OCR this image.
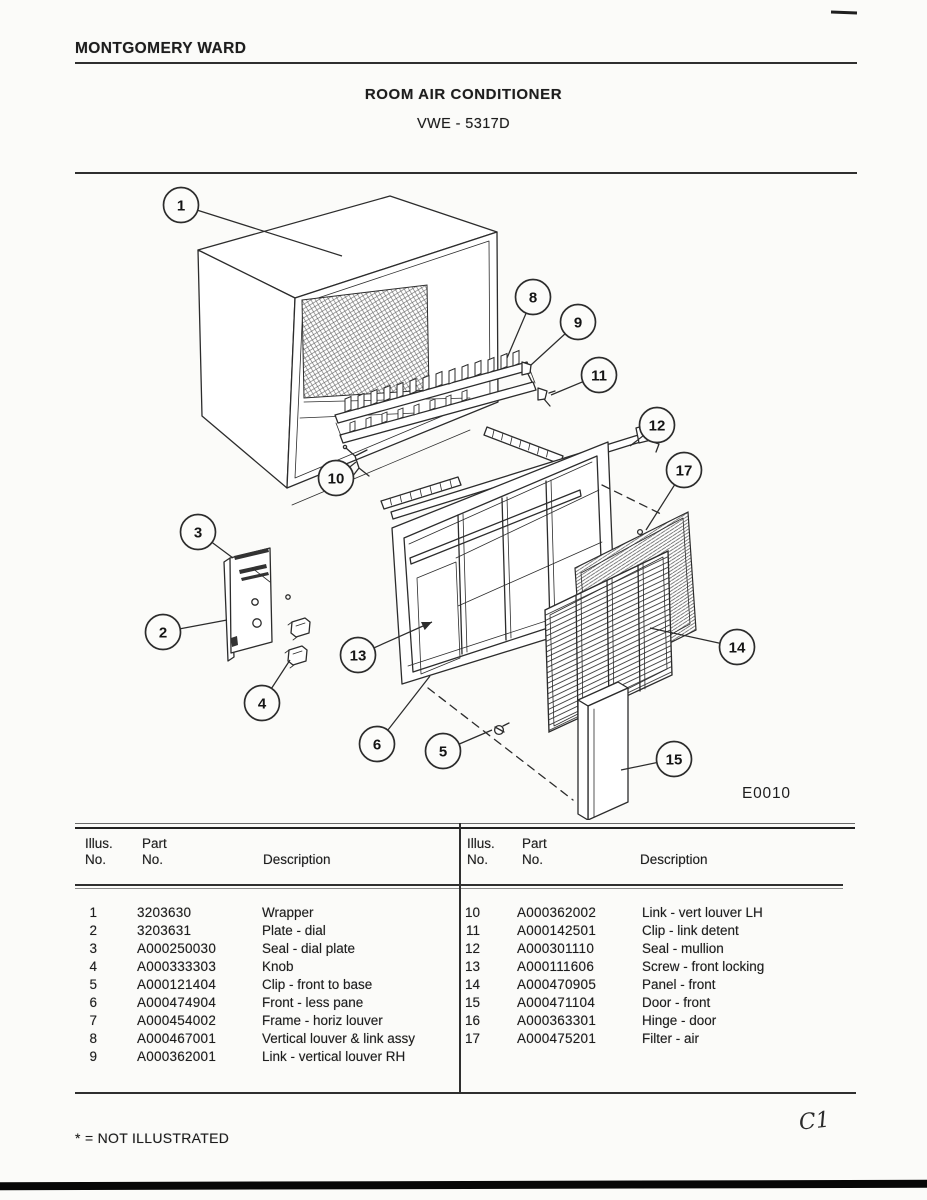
MONTGOMERY WARD
ROOM AIR CONDITIONER
VWE - 5317D
1
8
9
11
10
12
17
3
2
13
4
6	5
14
15
E0010
Illus.
No.
Part
No.	Description
Illus.
No.
Part
No.	Description
1	3203630	Wrapper
2	3203631	Plate - dial
3	A000250030	Seal - dial plate
4	A000333303	Knob
5	A000121404	Clip - front to base
6	A000474904	Front - less pane
7	A000454002	Frame - horiz louver
8	A000467001	Vertical louver & link assy
9	A000362001	Link - vertical louver RH
10	A000362002	Link - vert louver LH
11	A000142501	Clip - link detent
12	A000301110	Seal - mullion
13	A000111606	Screw - front locking
14	A000470905	Panel - front
15	A000471104	Door - front
16	A000363301	Hinge - door
17	A000475201	Filter - air
* = NOT ILLUSTRATED
C1
